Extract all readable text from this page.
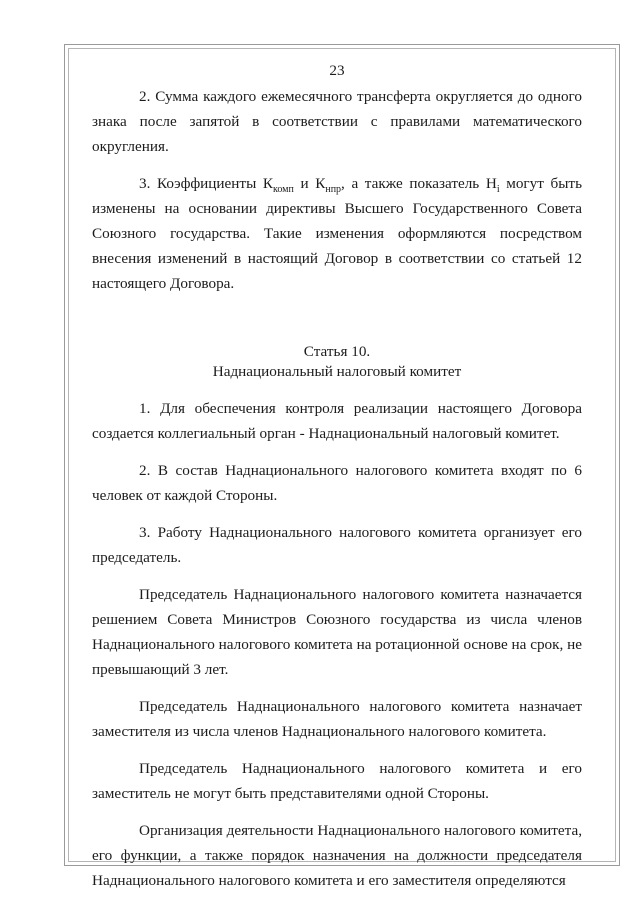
23

2. Сумма каждого ежемесячного трансферта округляется до одного знака после запятой в соответствии с правилами математического округления.

3. Коэффициенты $К_{комп}$ и $К_{нпр}$, а также показатель $Н_i$ могут быть изменены на основании директивы Высшего Государственного Совета Союзного государства. Такие изменения оформляются посредством внесения изменений в настоящий Договор в соответствии со статьей 12 настоящего Договора.

Статья 10.
Наднациональный налоговый комитет

1. Для обеспечения контроля реализации настоящего Договора создается коллегиальный орган - Наднациональный налоговый комитет.

2. В состав Наднационального налогового комитета входят по 6 человек от каждой Стороны.

3. Работу Наднационального налогового комитета организует его председатель.

Председатель Наднационального налогового комитета назначается решением Совета Министров Союзного государства из числа членов Наднационального налогового комитета на ротационной основе на срок, не превышающий 3 лет.

Председатель Наднационального налогового комитета назначает заместителя из числа членов Наднационального налогового комитета.

Председатель Наднационального налогового комитета и его заместитель не могут быть представителями одной Стороны.

Организация деятельности Наднационального налогового комитета, его функции, а также порядок назначения на должности председателя Наднационального налогового комитета и его заместителя определяются
